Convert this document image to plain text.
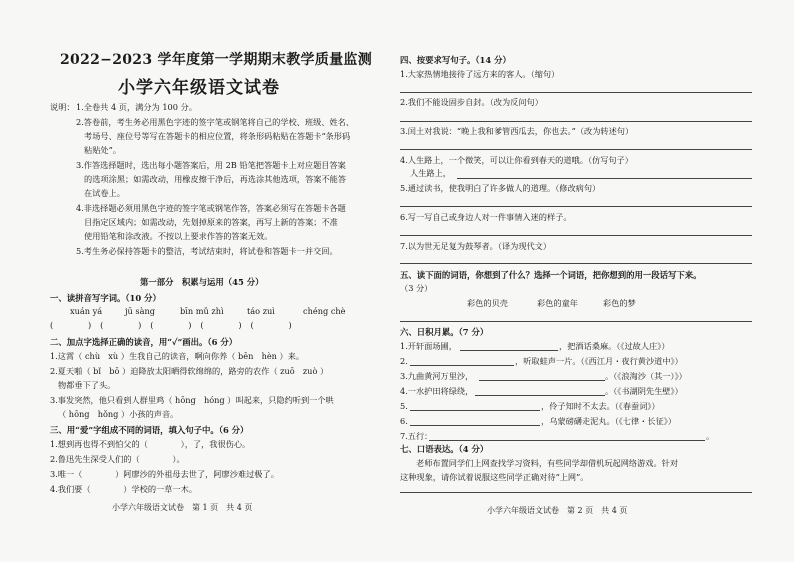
2022−2023 学年度第一学期期末教学质量监测
小学六年级语文试卷
说明： 1.全卷共 4 页，满分为 100 分。
2.答卷前，考生务必用黑色字迹的签字笔或钢笔将自己的学校、班级、姓名、
考场号、座位号等写在答题卡的相应位置，将条形码粘贴在答题卡“条形码
粘贴处”。
3.作答选择题时，选出每小题答案后，用 2B 铅笔把答题卡上对应题目答案
的选项涂黑；如需改动，用橡皮擦干净后，再选涂其他选项，答案不能答
在试卷上。
4.非选择题必须用黑色字迹的签字笔或钢笔作答，答案必须写在答题卡各题
目指定区域内；如需改动，先划掉原来的答案，再写上新的答案；不准
使用铅笔和涂改液。不按以上要求作答的答案无效。
5.考生务必保持答题卡的整洁，考试结束时，将试卷和答题卡一并交回。
第一部分　积累与运用（45 分）
一、读拼音写字词。（10 分）
xuán yá	jū sàng	bīn mǔ zhì	táo zuì	chéng chè
(　　　　)　(　　　　)　(　　　　)　(　　　　)　(　　　　)
二、加点字选择正确的读音，用“✓”画出。（6 分）
1.这霄（ chù　xù ）生我自己的读音，啊向你养（ bēn　hèn ）来。
2.夏天啪（ bǐ　bō ）迫降放太阳晒得软绵绵的，路旁的农作（ zuō　zuò ）
物都垂下了头。
3.事发突然，他只看到人群里鸡（ hōng　hóng ）叫起来，只隐约听到一个哄
（ hōng　hǒng ）小孩的声音。
三、用“爱”字组成不同的词语，填入句子中。（6 分）
1.想到再也得不到怕父的（　　　　），了，我很伤心。
2.鲁迅先生深受人们的（　　　　）。
3.唯一（　　　　）阿廖沙的外祖母去世了，阿廖沙难过极了。
4.我们要（　　　　）学校的一草一木。
小学六年级语文试卷　第 1 页　共 4 页
四、按要求写句子。（14 分）
1.大家热情地接待了远方来的客人。（缩句）
2.我们不能设固步自封。（改为反问句）
3.闰土对我说：“晚上我和爹管西瓜去，你也去。”（改为转述句）
4.人生路上，一个微笑，可以让你看到春天的道哦。（仿写句子）
人生路上，
5.通过读书，使我明白了许多做人的道理。（修改病句）
6.写一写自己或身边人对一件事情入迷的样子。
7.以为世无足复为鼓琴者。（译为现代文）
五、读下面的词语，你想到了什么？选择一个词语，把你想到的用一段话写下来。
（3 分）
彩色的贝壳	彩色的童年	彩色的梦
六、日积月累。（7 分）
1.开轩面场圃，	，把酒话桑麻。（《过故人庄》）
2.	，听取蛙声一片。（《西江月・夜行黄沙道中》）
3.九曲黄河万里沙，	。（《浪淘沙（其一）》）
4.一水护田将绿绕，	。（《书湖阴先生壁》）
5.	，伶子知时不太去。（《春蚕词》）
6.	，乌蒙磅礴走泥丸。（《七律・长征》）
7.五行：	。
七、口语表达。（4 分）
老师布置同学们上网查找学习资料，有些同学却借机玩起网络游戏。针对
这种现象，请你试着说服这些同学正确对待“上网”。
小学六年级语文试卷　第 2 页　共 4 页
